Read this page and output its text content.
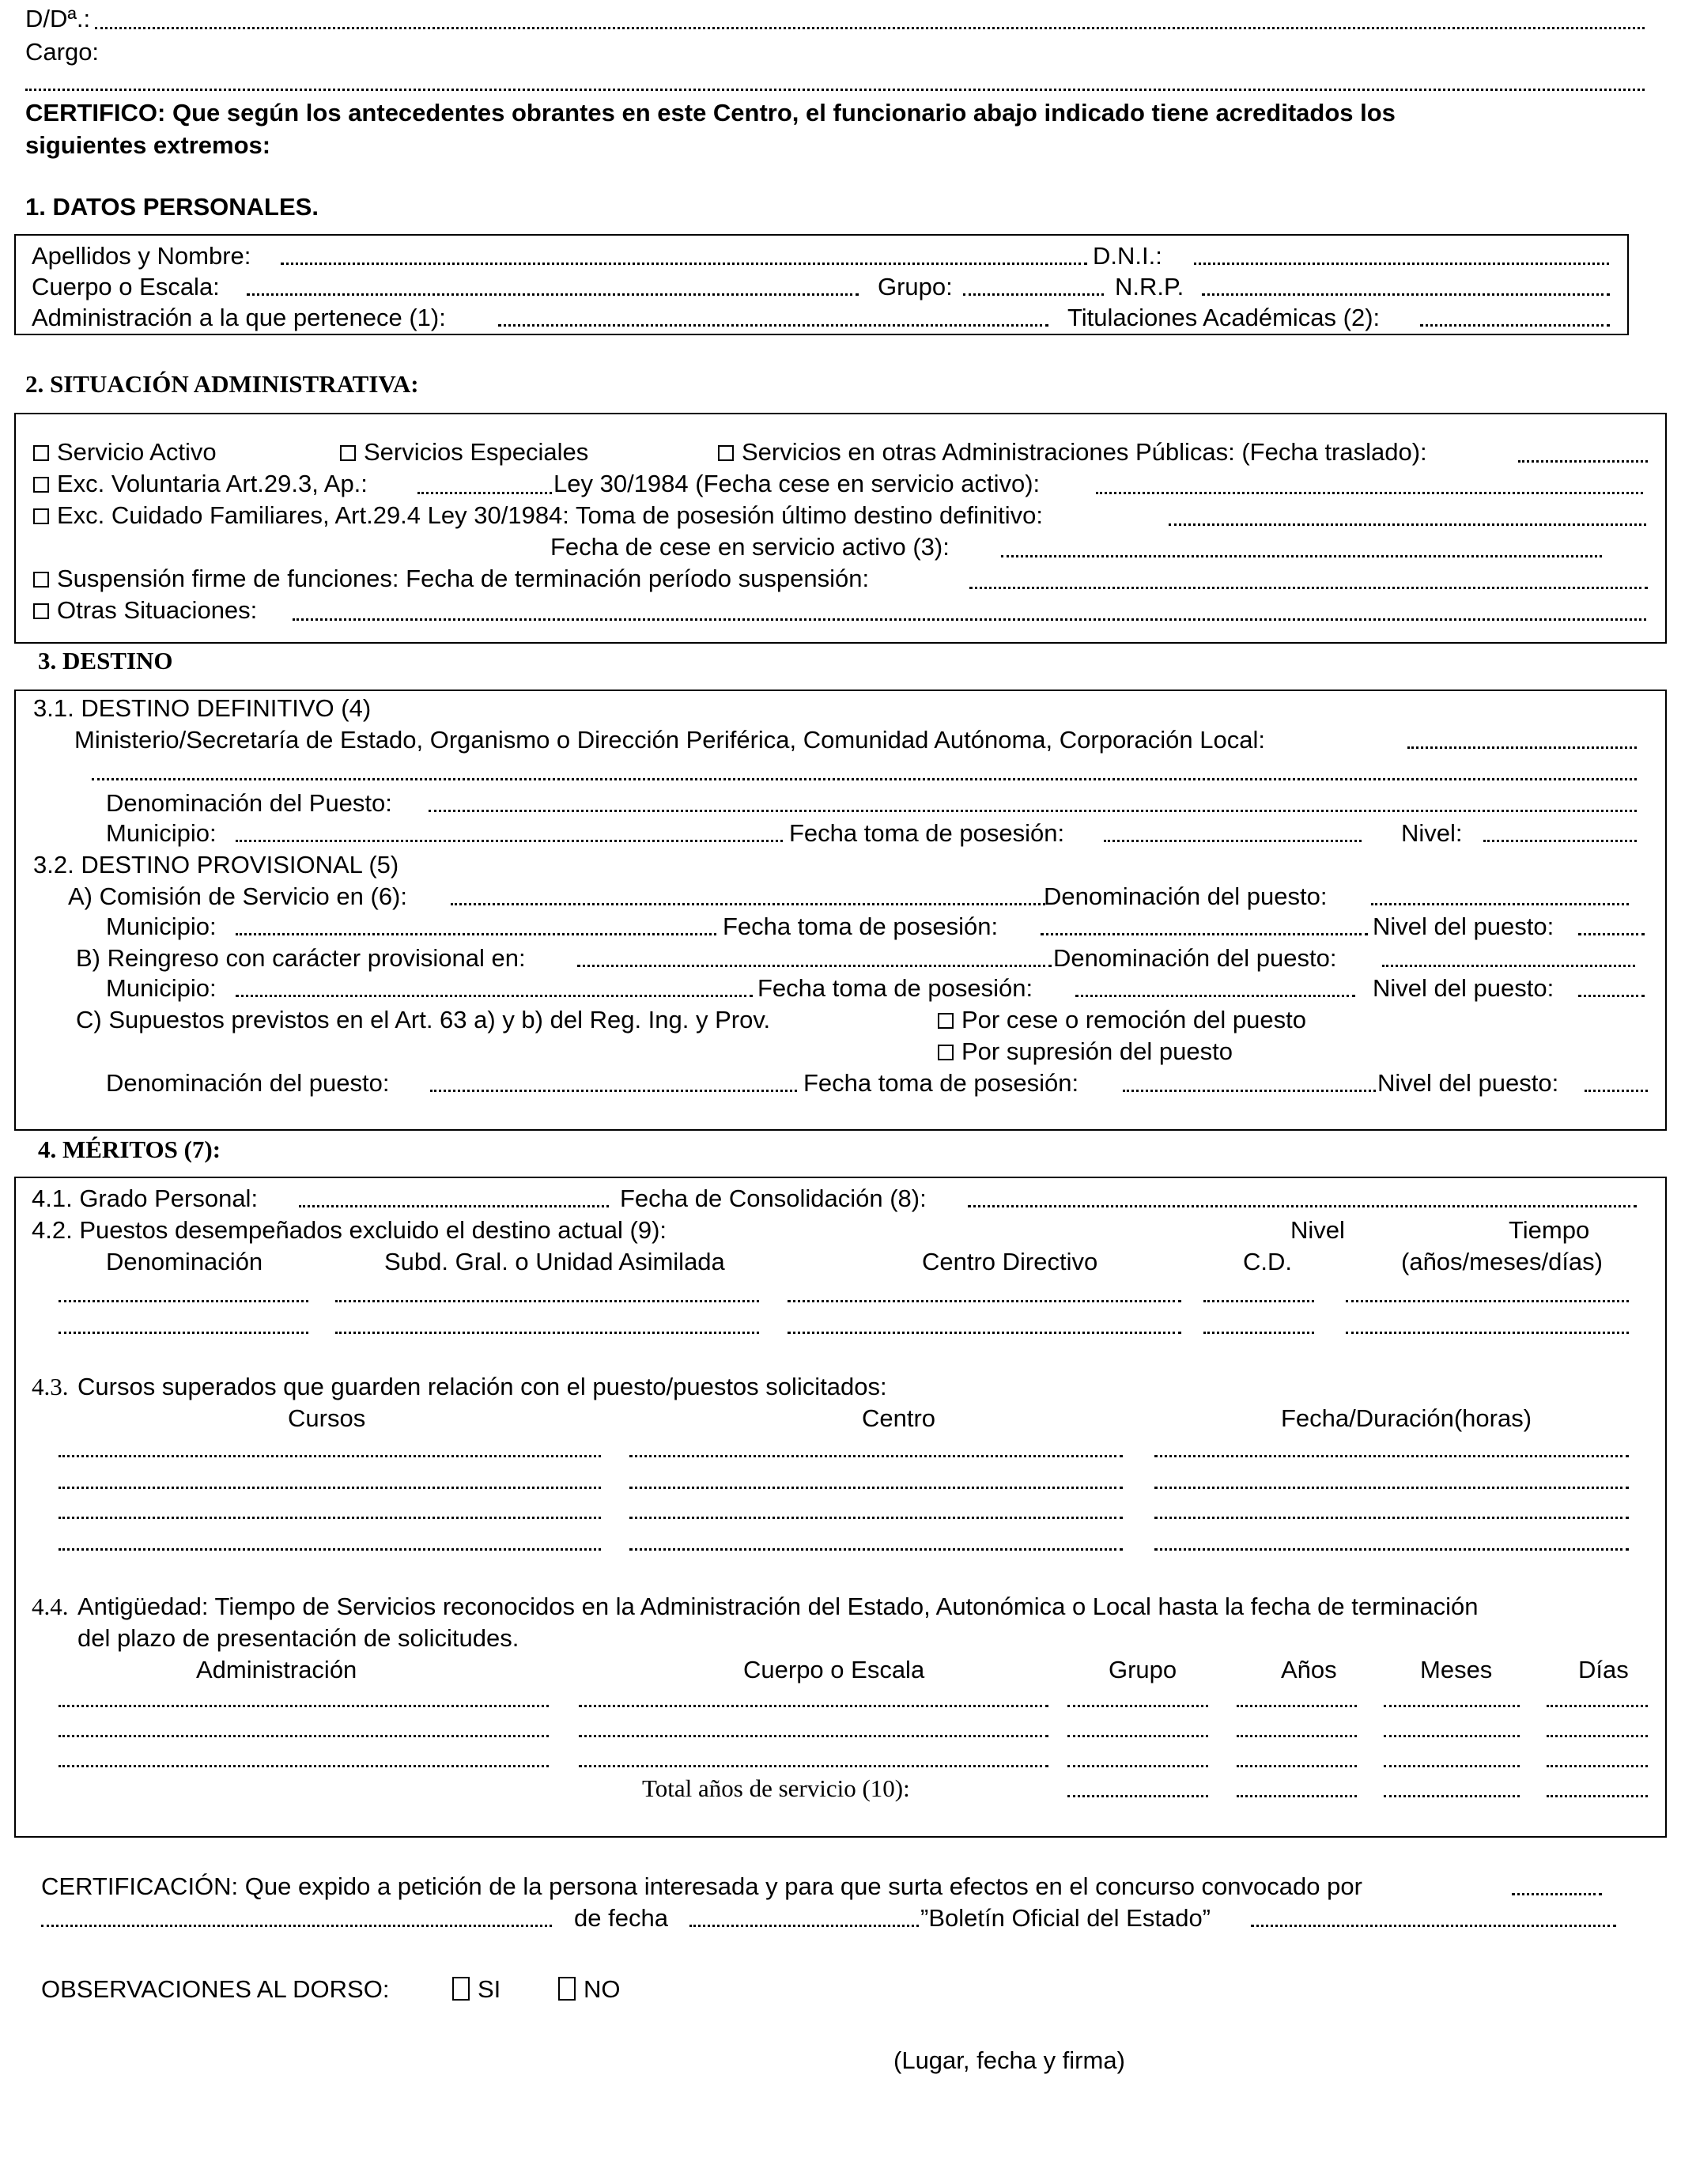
D/Dª.:
Cargo:
CERTIFICO: Que según los antecedentes obrantes en este Centro, el funcionario abajo indicado tiene acreditados los
siguientes extremos:
1. DATOS PERSONALES.
Apellidos y Nombre:	D.N.I.:
Cuerpo o Escala:	Grupo:	N.R.P.
Administración a la que pertenece (1):	Titulaciones Académicas (2):
2. SITUACIÓN ADMINISTRATIVA:
Servicio Activo	Servicios Especiales	Servicios en otras Administraciones Públicas: (Fecha traslado):
Exc. Voluntaria Art.29.3, Ap.:	Ley 30/1984 (Fecha cese en servicio activo):
Exc. Cuidado Familiares, Art.29.4 Ley 30/1984: Toma de posesión último destino definitivo:
Fecha de cese en servicio activo (3):
Suspensión firme de funciones: Fecha de terminación período suspensión:
Otras Situaciones:
3. DESTINO
3.1. DESTINO DEFINITIVO (4)
Ministerio/Secretaría de Estado, Organismo o Dirección Periférica, Comunidad Autónoma, Corporación Local:
Denominación del Puesto:
Municipio:	Fecha toma de posesión:	Nivel:
3.2. DESTINO PROVISIONAL (5)
A) Comisión de Servicio en (6):	Denominación del puesto:
Municipio:	Fecha toma de posesión:	Nivel del puesto:
B) Reingreso con carácter provisional en:	Denominación del puesto:
Municipio:	Fecha toma de posesión:	Nivel del puesto:
C) Supuestos previstos en el Art. 63 a) y b) del Reg. Ing. y Prov.	Por cese o remoción del puesto
Por supresión del puesto
Denominación del puesto:	Fecha toma de posesión:	Nivel del puesto:
4. MÉRITOS (7):
4.1. Grado Personal:	Fecha de Consolidación (8):
4.2. Puestos desempeñados excluido el destino actual (9):	Nivel	Tiempo
Denominación	Subd. Gral. o Unidad Asimilada	Centro Directivo	C.D.	(años/meses/días)
4.3. Cursos superados que guarden relación con el puesto/puestos solicitados:
Cursos	Centro	Fecha/Duración(horas)
4.4. Antigüedad: Tiempo de Servicios reconocidos en la Administración del Estado, Autonómica o Local hasta la fecha de terminación
del plazo de presentación de solicitudes.
Administración	Cuerpo o Escala	Grupo	Años	Meses	Días
Total años de servicio (10):
CERTIFICACIÓN: Que expido a petición de la persona interesada y para que surta efectos en el concurso convocado por
de fecha	”Boletín Oficial del Estado”
OBSERVACIONES AL DORSO:	SI	NO
(Lugar, fecha y firma)
